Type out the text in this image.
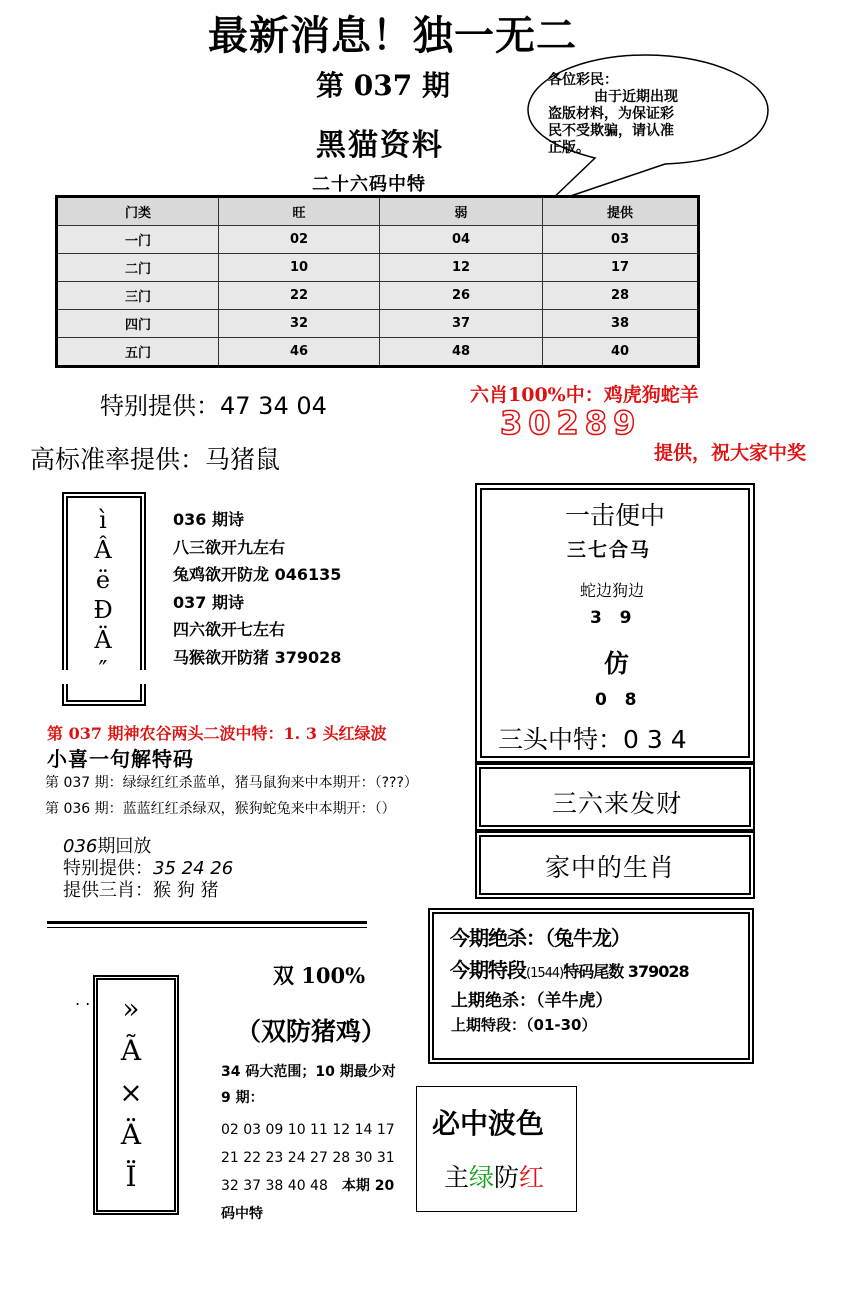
最新消息！独一无二
第 037 期
黑猫资料
二十六码中特
各位彩民：
由于近期出现
盗版材料，为保证彩
民不受欺骗，请认准
正版。
门类	旺	弱	提供
一门	02	04	03
二门	10	12	17
三门	22	26	28
四门	32	37	38
五门	46	48	40
特别提供：47 34 04	六肖100%中：鸡虎狗蛇羊
30289
提供，祝大家中奖
高标准率提供：马猪鼠
ì
Â
ë
Ð
Ä
″
036 期诗
八三欲开九左右
兔鸡欲开防龙 046135
037 期诗
四六欲开七左右
马猴欲开防猪 379028
一击便中
三七合马
蛇边狗边
3   9
仿
0   8
三头中特：0 3 4
三六来发财
家中的生肖
第 037 期神农谷两头二波中特：1. 3 头红绿波
小喜一句解特码
第 037 期：绿绿红红杀蓝单，猪马鼠狗来中本期开：（???）
第 036 期：蓝蓝红红杀绿双，猴狗蛇兔来中本期开：（）
036期回放
特别提供：35 24 26
提供三肖：猴 狗 猪
今期绝杀：（兔牛龙）
今期特段(1544)特码尾数 379028
上期绝杀：（羊牛虎）
上期特段：（01-30）
. .	»
Ã
×
Ä
Ï
双 100%
（双防猪鸡）
34 码大范围；10 期最少对
9 期：
02 03 09 10 11 12 14 17
21 22 23 24 27 28 30 31
32 37 38 40 48 本期 20
码中特
必中波色
主绿防红
